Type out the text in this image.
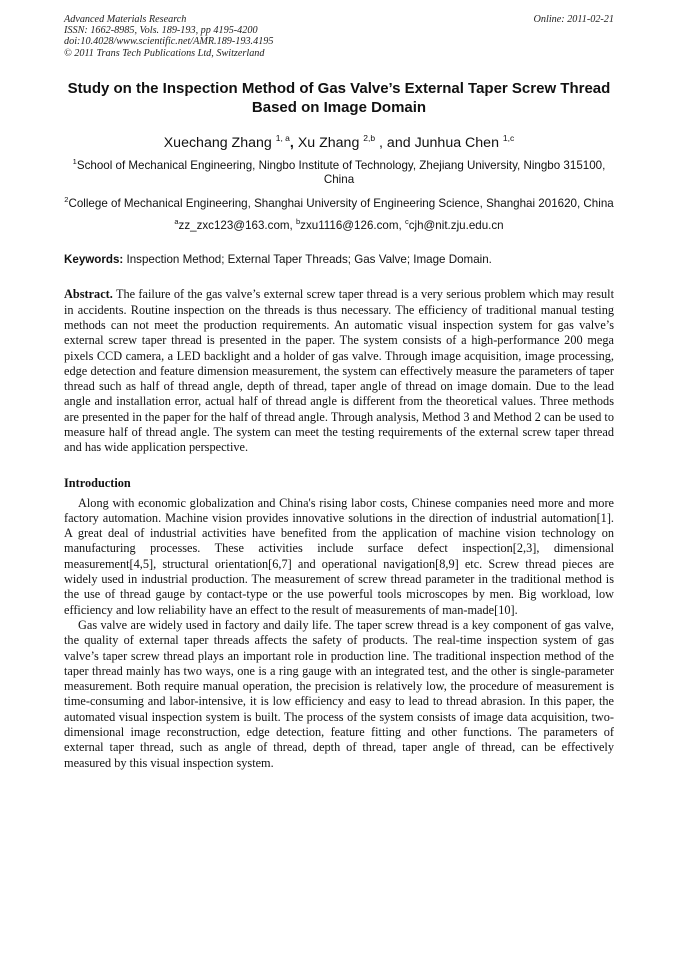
Advanced Materials Research
ISSN: 1662-8985, Vols. 189-193, pp 4195-4200
doi:10.4028/www.scientific.net/AMR.189-193.4195
© 2011 Trans Tech Publications Ltd, Switzerland
Online: 2011-02-21
Study on the Inspection Method of Gas Valve’s External Taper Screw Thread Based on Image Domain
Xuechang Zhang $^{1, a}$, Xu Zhang $^{2,b}$ , and Junhua Chen $^{1,c}$
$^1$School of Mechanical Engineering, Ningbo Institute of Technology, Zhejiang University, Ningbo 315100, China
$^2$College of Mechanical Engineering, Shanghai University of Engineering Science, Shanghai 201620, China
$^a$zz_zxc123@163.com, $^b$zxu1116@126.com, $^c$cjh@nit.zju.edu.cn
Keywords: Inspection Method; External Taper Threads; Gas Valve; Image Domain.
Abstract. The failure of the gas valve’s external screw taper thread is a very serious problem which may result in accidents. Routine inspection on the threads is thus necessary. The efficiency of traditional manual testing methods can not meet the production requirements. An automatic visual inspection system for gas valve’s external screw taper thread is presented in the paper. The system consists of a high-performance 200 mega pixels CCD camera, a LED backlight and a holder of gas valve. Through image acquisition, image processing, edge detection and feature dimension measurement, the system can effectively measure the parameters of taper thread such as half of thread angle, depth of thread, taper angle of thread on image domain. Due to the lead angle and installation error, actual half of thread angle is different from the theoretical values. Three methods are presented in the paper for the half of thread angle. Through analysis, Method 3 and Method 2 can be used to measure half of thread angle. The system can meet the testing requirements of the external screw taper thread and has wide application perspective.
Introduction
Along with economic globalization and China's rising labor costs, Chinese companies need more and more factory automation. Machine vision provides innovative solutions in the direction of industrial automation[1]. A great deal of industrial activities have benefited from the application of machine vision technology on manufacturing processes. These activities include surface defect inspection[2,3], dimensional measurement[4,5], structural orientation[6,7] and operational navigation[8,9] etc. Screw thread pieces are widely used in industrial production. The measurement of screw thread parameter in the traditional method is the use of thread gauge by contact-type or the use powerful tools microscopes by men. Big workload, low efficiency and low reliability have an effect to the result of measurements of man-made[10].
Gas valve are widely used in factory and daily life. The taper screw thread is a key component of gas valve, the quality of external taper threads affects the safety of products. The real-time inspection system of gas valve’s taper screw thread plays an important role in production line. The traditional inspection method of the taper thread mainly has two ways, one is a ring gauge with an integrated test, and the other is single-parameter measurement. Both require manual operation, the precision is relatively low, the procedure of measurement is time-consuming and labor-intensive, it is low efficiency and easy to lead to thread abrasion. In this paper, the automated visual inspection system is built. The process of the system consists of image data acquisition, two-dimensional image reconstruction, edge detection, feature fitting and other functions. The parameters of external taper thread, such as angle of thread, depth of thread, taper angle of thread, can be effectively measured by this visual inspection system.
